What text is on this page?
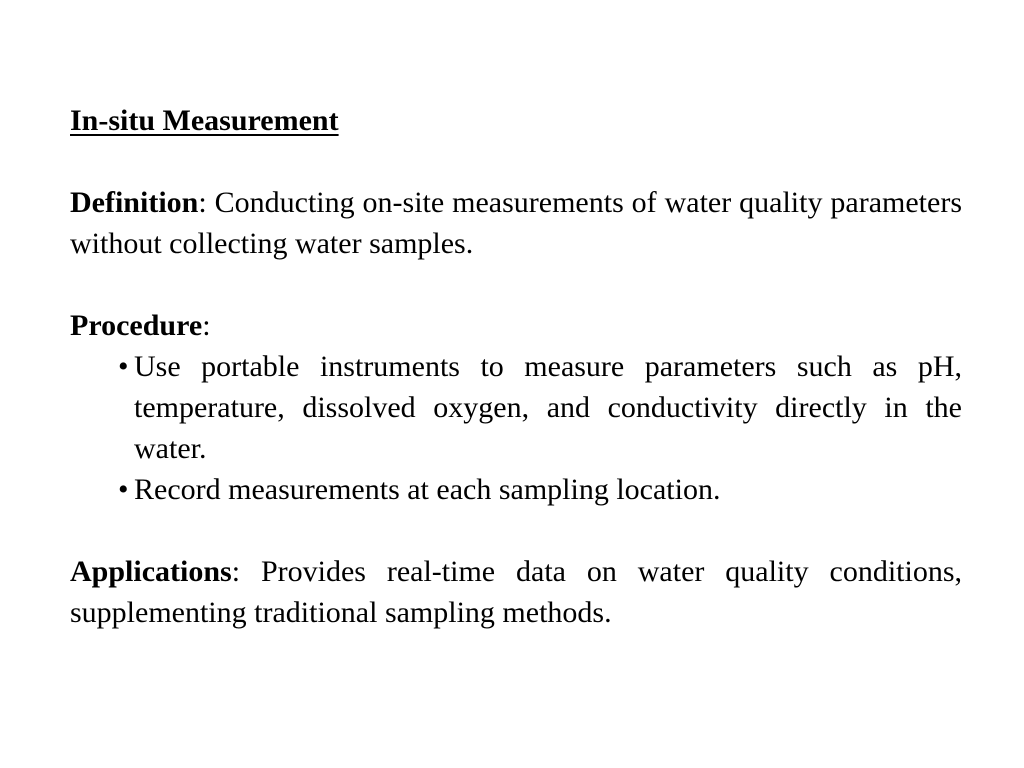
In-situ Measurement

Definition: Conducting on-site measurements of water quality parameters without collecting water samples.

Procedure:

• Use portable instruments to measure parameters such as pH, temperature, dissolved oxygen, and conductivity directly in the water.
• Record measurements at each sampling location.

Applications: Provides real-time data on water quality conditions, supplementing traditional sampling methods.
